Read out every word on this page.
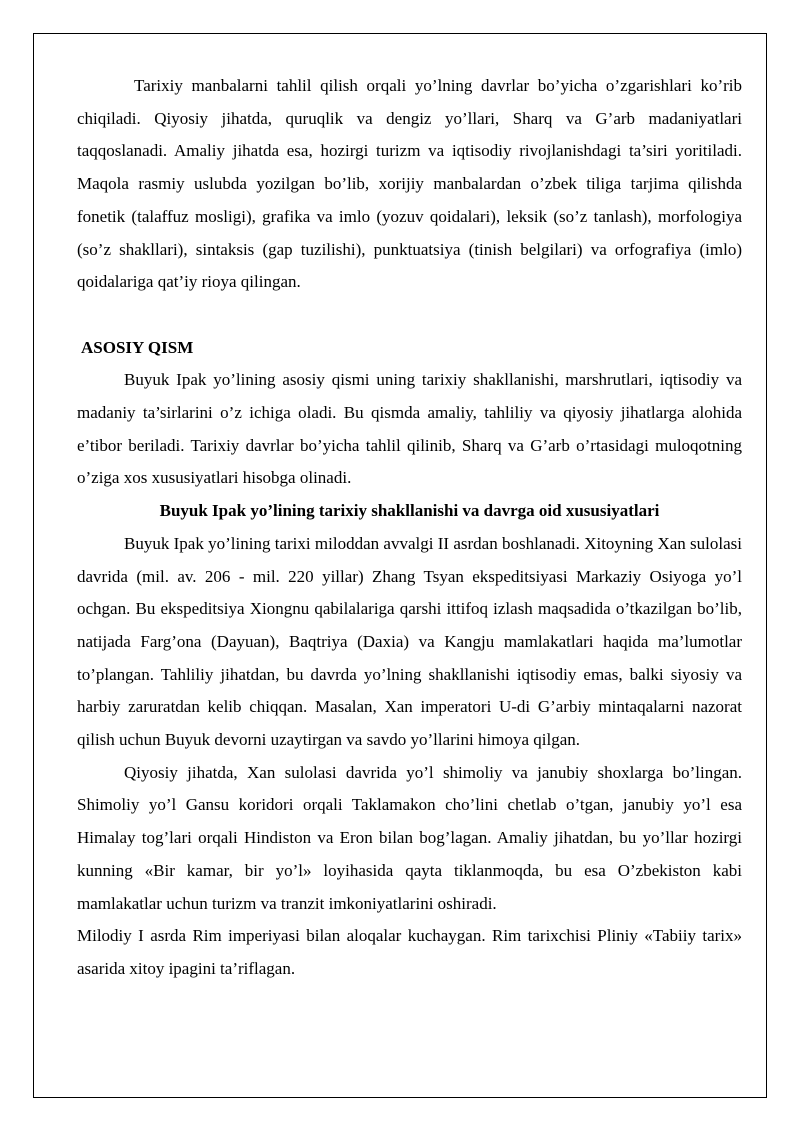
Tarixiy manbalarni tahlil qilish orqali yo’lning davrlar bo’yicha o’zgarishlari ko’rib chiqiladi. Qiyosiy jihatda, quruqlik va dengiz yo’llari, Sharq va G’arb madaniyatlari taqqoslanadi. Amaliy jihatda esa, hozirgi turizm va iqtisodiy rivojlanishdagi ta’siri yoritiladi. Maqola rasmiy uslubda yozilgan bo’lib, xorijiy manbalardan o’zbek tiliga tarjima qilishda fonetik (talaffuz mosligi), grafika va imlo (yozuv qoidalari), leksik (so’z tanlash), morfologiya (so’z shakllari), sintaksis (gap tuzilishi), punktuatsiya (tinish belgilari) va orfografiya (imlo) qoidalariga qat’iy rioya qilingan.

ASOSIY QISM

Buyuk Ipak yo’lining asosiy qismi uning tarixiy shakllanishi, marshrutlari, iqtisodiy va madaniy ta’sirlarini o’z ichiga oladi. Bu qismda amaliy, tahliliy va qiyosiy jihatlarga alohida e’tibor beriladi. Tarixiy davrlar bo’yicha tahlil qilinib, Sharq va G’arb o’rtasidagi muloqotning o’ziga xos xususiyatlari hisobga olinadi.

Buyuk Ipak yo’lining tarixiy shakllanishi va davrga oid xususiyatlari

Buyuk Ipak yo’lining tarixi miloddan avvalgi II asrdan boshlanadi. Xitoyning Xan sulolasi davrida (mil. av. 206 - mil. 220 yillar) Zhang Tsyan ekspeditsiyasi Markaziy Osiyoga yo’l ochgan. Bu ekspeditsiya Xiongnu qabilalariga qarshi ittifoq izlash maqsadida o’tkazilgan bo’lib, natijada Farg’ona (Dayuan), Baqtriya (Daxia) va Kangju mamlakatlari haqida ma’lumotlar to’plangan. Tahliliy jihatdan, bu davrda yo’lning shakllanishi iqtisodiy emas, balki siyosiy va harbiy zaruratdan kelib chiqqan. Masalan, Xan imperatori U-di G’arbiy mintaqalarni nazorat qilish uchun Buyuk devorni uzaytirgan va savdo yo’llarini himoya qilgan.

Qiyosiy jihatda, Xan sulolasi davrida yo’l shimoliy va janubiy shoxlarga bo’lingan. Shimoliy yo’l Gansu koridori orqali Taklamakon cho’lini chetlab o’tgan, janubiy yo’l esa Himalay tog’lari orqali Hindiston va Eron bilan bog’lagan. Amaliy jihatdan, bu yo’llar hozirgi kunning «Bir kamar, bir yo’l» loyihasida qayta tiklanmoqda, bu esa O’zbekiston kabi mamlakatlar uchun turizm va tranzit imkoniyatlarini oshiradi.

Milodiy I asrda Rim imperiyasi bilan aloqalar kuchaygan. Rim tarixchisi Pliniy «Tabiiy tarix» asarida xitoy ipagini ta’riflagan.
